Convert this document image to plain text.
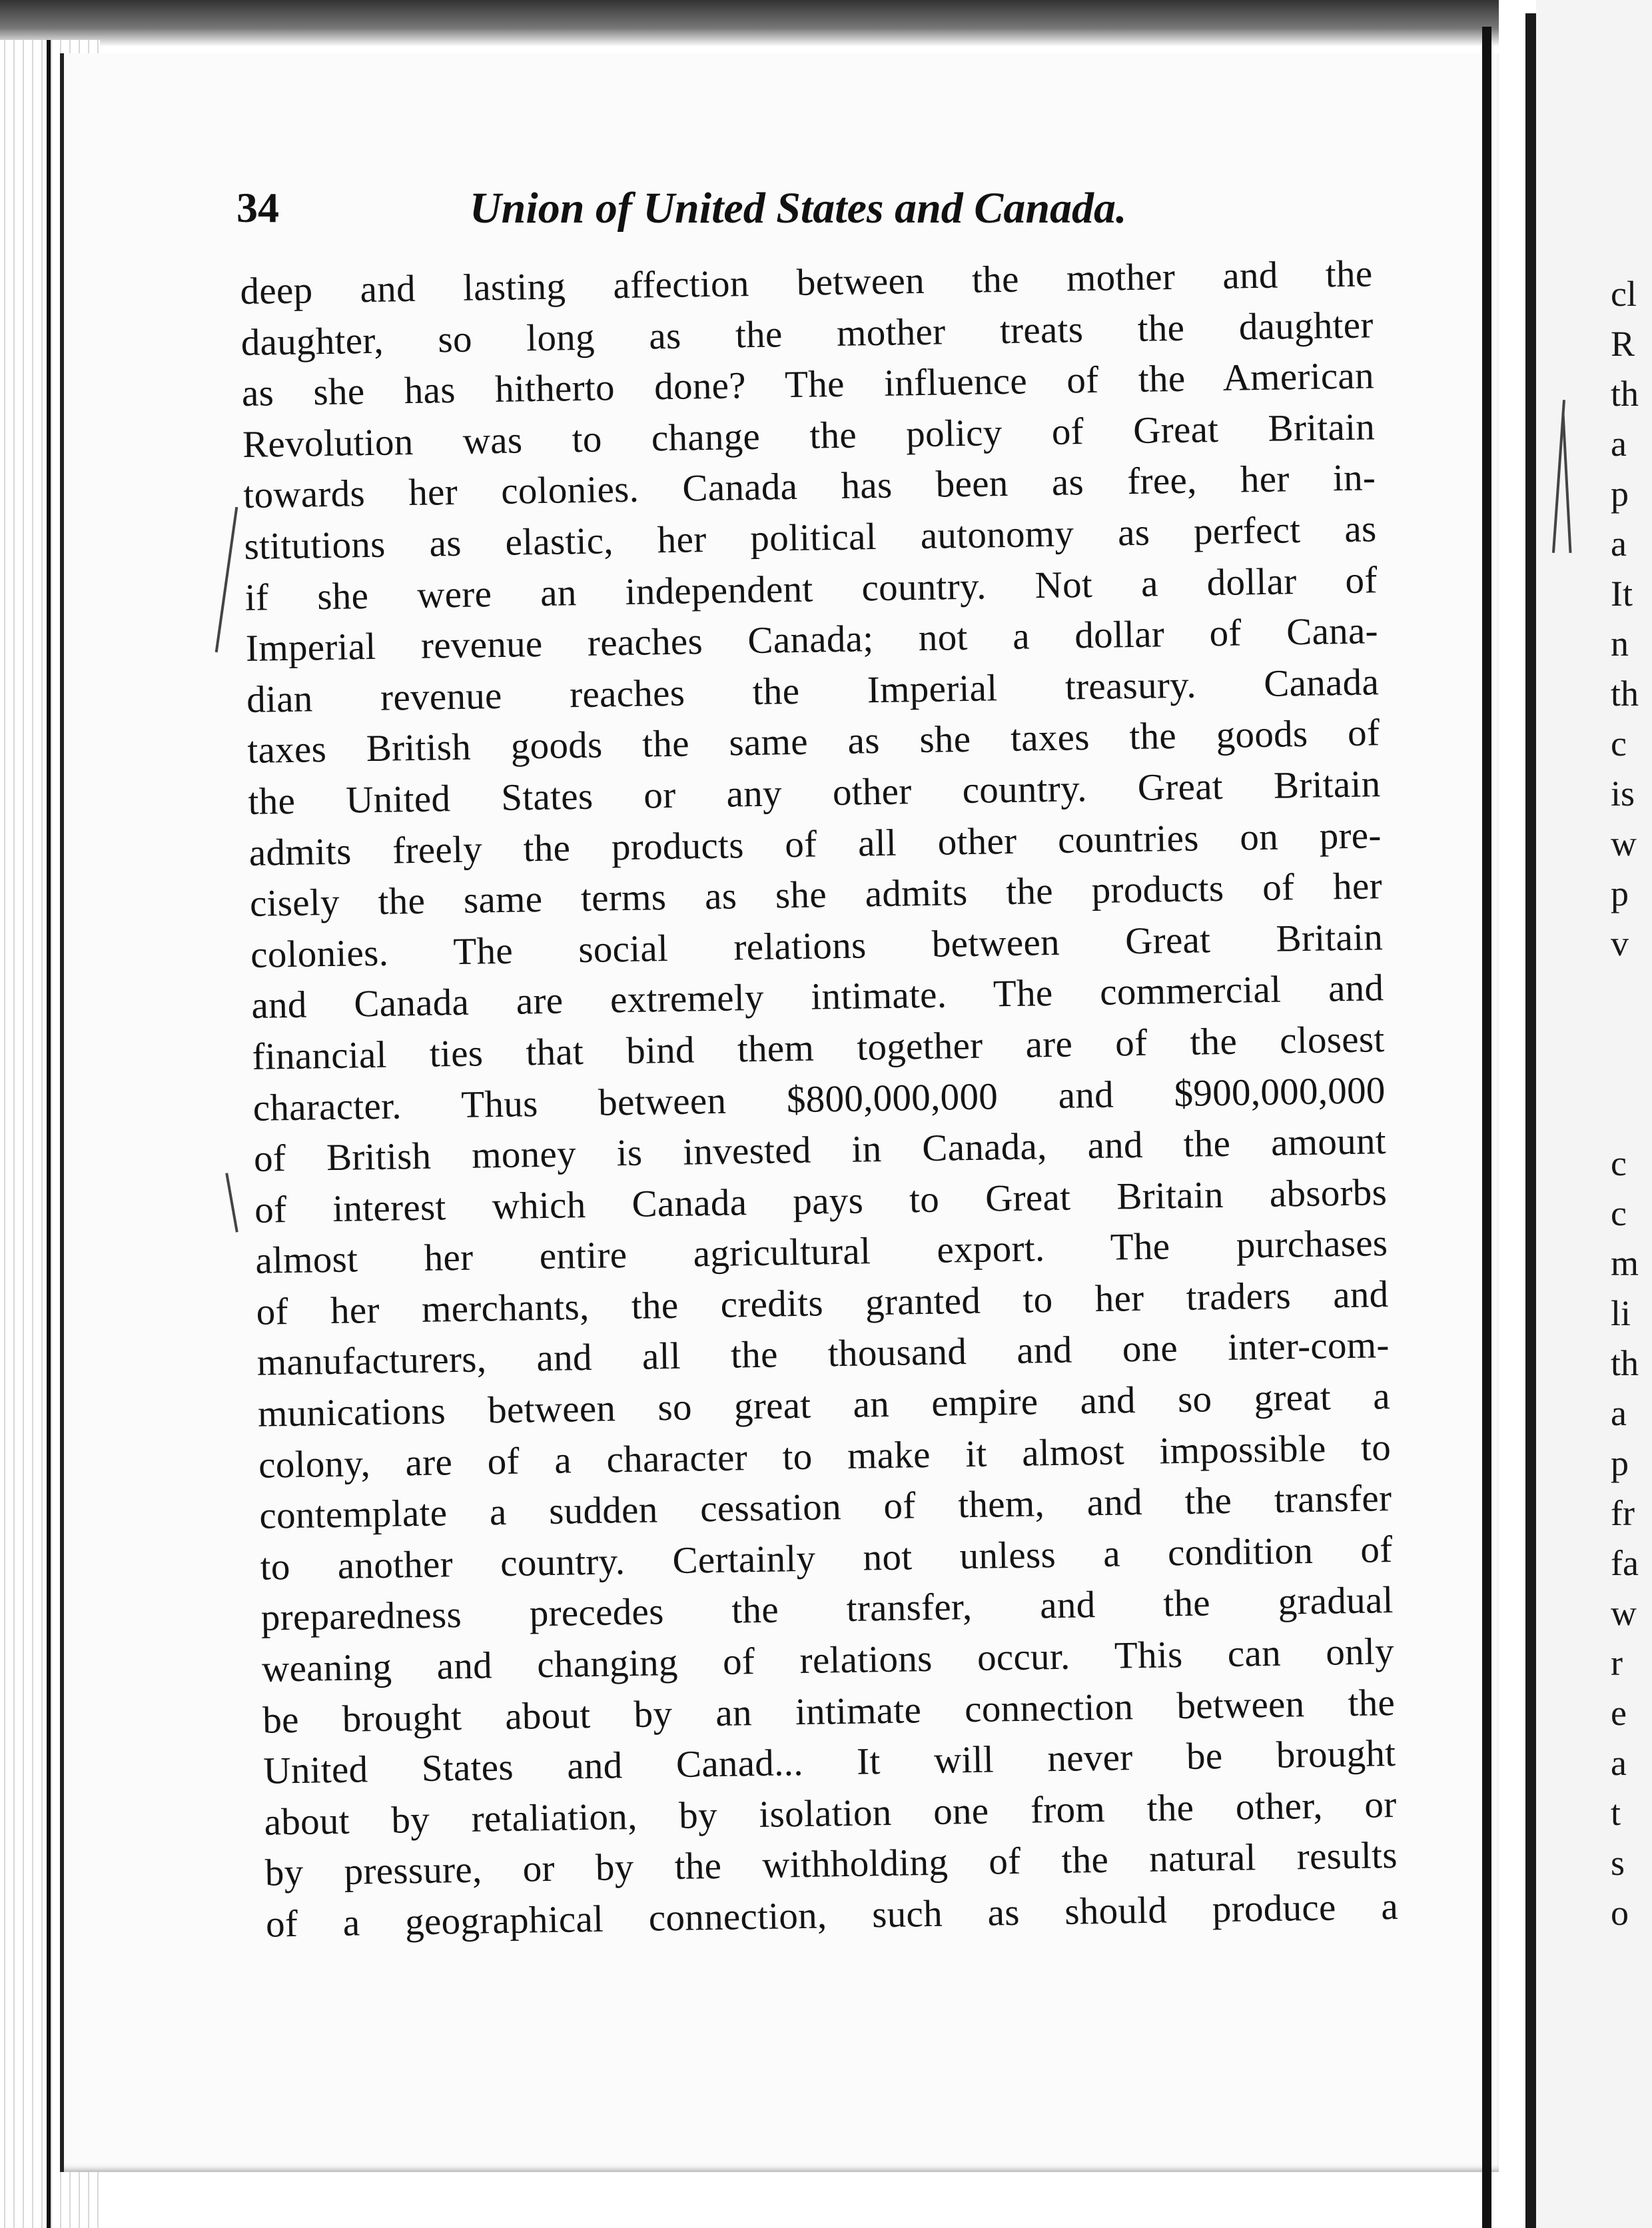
34	Union of United States and Canada.
deep and lasting affection between the mother and the
daughter, so long as the mother treats the daughter
as she has hitherto done? The influence of the American
Revolution was to change the policy of Great Britain
towards her colonies. Canada has been as free, her in-
stitutions as elastic, her political autonomy as perfect as
if she were an independent country. Not a dollar of
Imperial revenue reaches Canada; not a dollar of Cana-
dian revenue reaches the Imperial treasury. Canada
taxes British goods the same as she taxes the goods of
the United States or any other country. Great Britain
admits freely the products of all other countries on pre-
cisely the same terms as she admits the products of her
colonies. The social relations between Great Britain
and Canada are extremely intimate. The commercial and
financial ties that bind them together are of the closest
character. Thus between $800,000,000 and $900,000,000
of British money is invested in Canada, and the amount
of interest which Canada pays to Great Britain absorbs
almost her entire agricultural export. The purchases
of her merchants, the credits granted to her traders and
manufacturers, and all the thousand and one inter-com-
munications between so great an empire and so great a
colony, are of a character to make it almost impossible to
contemplate a sudden cessation of them, and the transfer
to another country. Certainly not unless a condition of
preparedness precedes the transfer, and the gradual
weaning and changing of relations occur. This can only
be brought about by an intimate connection between the
United States and Canad... It will never be brought
about by retaliation, by isolation one from the other, or
by pressure, or by the withholding of the natural results
of a geographical connection, such as should produce a
cl
R
th
a
p
a
It
n
th
c
is
w
p
v
c
c
m
li
th
a
p
fr
fa
w
r
e
a
t
s
o
